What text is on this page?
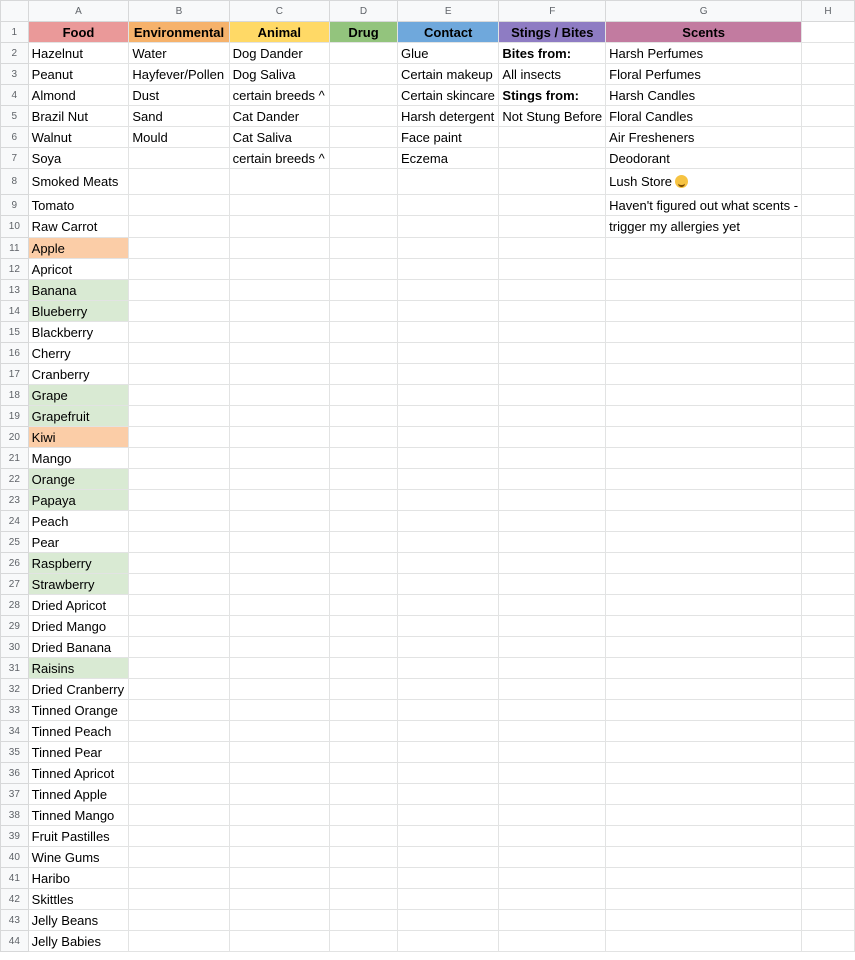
	A	B	C	D	E	F	G	H
1	Food	Environmental	Animal	Drug	Contact	Stings / Bites	Scents	
2	Hazelnut	Water	Dog Dander		Glue	Bites from:	Harsh Perfumes	
3	Peanut	Hayfever/Pollen	Dog Saliva		Certain makeup	All insects	Floral Perfumes	
4	Almond	Dust	certain breeds ^		Certain skincare	Stings from:	Harsh Candles	
5	Brazil Nut	Sand	Cat Dander		Harsh detergent	Not Stung Before	Floral Candles	
6	Walnut	Mould	Cat Saliva		Face paint		Air Fresheners	
7	Soya		certain breeds ^		Eczema		Deodorant	
8	Smoked Meats						Lush Store	
9	Tomato						Haven't figured out what scents -	
10	Raw Carrot						trigger my allergies yet	
11	Apple							
12	Apricot							
13	Banana							
14	Blueberry							
15	Blackberry							
16	Cherry							
17	Cranberry							
18	Grape							
19	Grapefruit							
20	Kiwi							
21	Mango							
22	Orange							
23	Papaya							
24	Peach							
25	Pear							
26	Raspberry							
27	Strawberry							
28	Dried Apricot							
29	Dried Mango							
30	Dried Banana							
31	Raisins							
32	Dried Cranberry							
33	Tinned Orange							
34	Tinned Peach							
35	Tinned Pear							
36	Tinned Apricot							
37	Tinned Apple							
38	Tinned Mango							
39	Fruit Pastilles							
40	Wine Gums							
41	Haribo							
42	Skittles							
43	Jelly Beans							
44	Jelly Babies							
